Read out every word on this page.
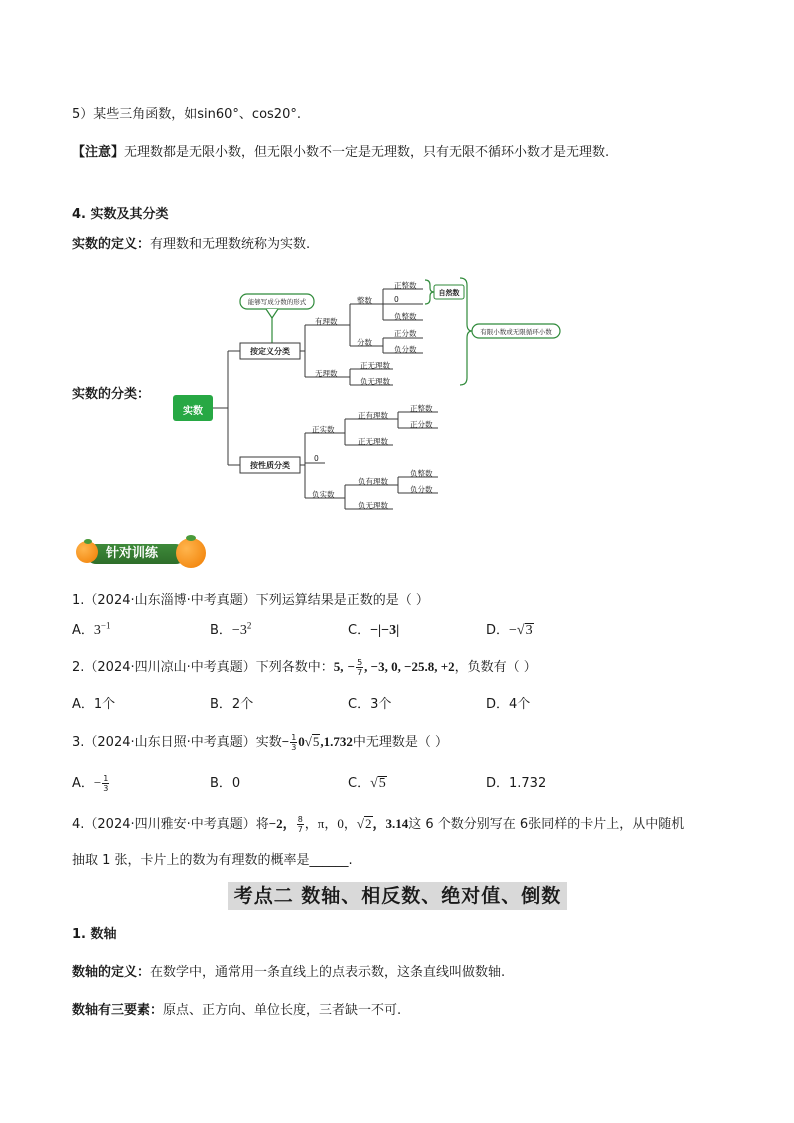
5）某些三角函数，如sin60°、cos20°.
【注意】无理数都是无限小数，但无限小数不一定是无理数，只有无限不循环小数才是无理数.
4. 实数及其分类
实数的定义：有理数和无理数统称为实数.
实数的分类：
实数
能够写成分数的形式
按定义分类
按性质分类
有理数
无理数
整数
分数
正整数
0
负整数
自然数
正分数
负分数
正无理数
负无理数
有限小数或无限循环小数
正实数
0
负实数
正有理数
正无理数
负有理数
负无理数
正整数
正分数
负整数
负分数
针对训练
1.（2024·山东淄博·中考真题）下列运算结果是正数的是（ ）
A．$3^{-1}$	B．$-3^2$	C．−|−3|	D．−√3
2.（2024·四川凉山·中考真题）下列各数中：5, − $\frac{5}{7}$ , −3, 0, −25.8, +2，负数有（ ）
A．1个	B．2个	C．3个	D．4个
3.（2024·山东日照·中考真题）实数− $\frac{1}{3} 0√5,1.732$中无理数是（ ）
A．− $\frac{1}{3}$	B．0	C．√5	D．1.732
4.（2024·四川雅安·中考真题）将−2， $\frac{8}{7}$ ，π，0，√2，3.14这 6 个数分别写在 6张同样的卡片上，从中随机
抽取 1 张，卡片上的数为有理数的概率是______.
考点二 数轴、相反数、绝对值、倒数
1. 数轴
数轴的定义：在数学中，通常用一条直线上的点表示数，这条直线叫做数轴.
数轴有三要素：原点、正方向、单位长度，三者缺一不可.
